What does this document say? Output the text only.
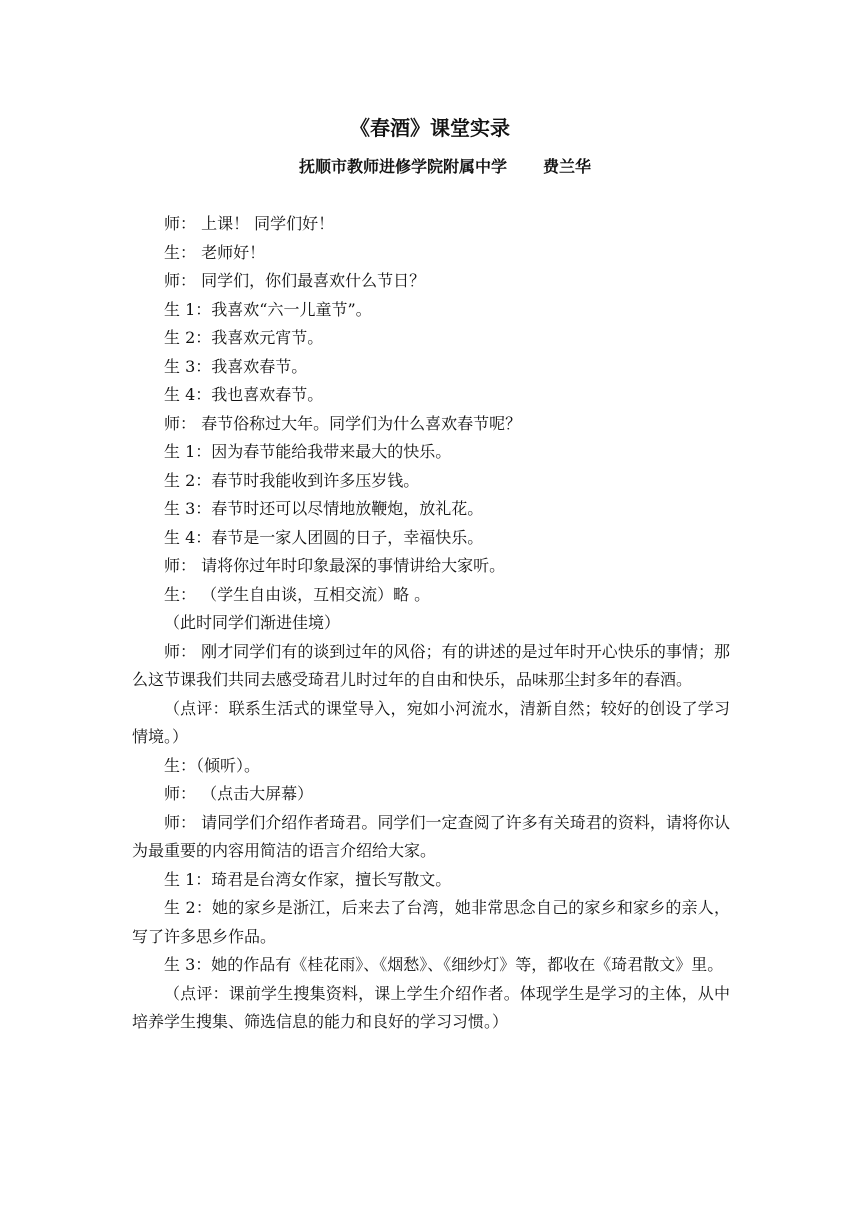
《春酒》课堂实录
抚顺市教师进修学院附属中学 费兰华

师： 上课！ 同学们好！

生： 老师好！

师： 同学们，你们最喜欢什么节日？

生 1：我喜欢“六一儿童节”。

生 2：我喜欢元宵节。

生 3：我喜欢春节。

生 4：我也喜欢春节。

师： 春节俗称过大年。同学们为什么喜欢春节呢？

生 1：因为春节能给我带来最大的快乐。

生 2：春节时我能收到许多压岁钱。

生 3：春节时还可以尽情地放鞭炮，放礼花。

生 4：春节是一家人团圆的日子，幸福快乐。

师： 请将你过年时印象最深的事情讲给大家听。

生： （学生自由谈，互相交流）略 。

（此时同学们渐进佳境）

师： 刚才同学们有的谈到过年的风俗；有的讲述的是过年时开心快乐的事情；那么这节课我们共同去感受琦君儿时过年的自由和快乐，品味那尘封多年的春酒。

（点评：联系生活式的课堂导入，宛如小河流水，清新自然；较好的创设了学习情境。）

生：（倾听）。

师： （点击大屏幕）

师： 请同学们介绍作者琦君。同学们一定查阅了许多有关琦君的资料，请将你认为最重要的内容用简洁的语言介绍给大家。

生 1：琦君是台湾女作家，擅长写散文。

生 2：她的家乡是浙江，后来去了台湾，她非常思念自己的家乡和家乡的亲人，写了许多思乡作品。

生 3：她的作品有《桂花雨》、《烟愁》、《细纱灯》等，都收在《琦君散文》里。

（点评：课前学生搜集资料，课上学生介绍作者。体现学生是学习的主体，从中培养学生搜集、筛选信息的能力和良好的学习习惯。）
